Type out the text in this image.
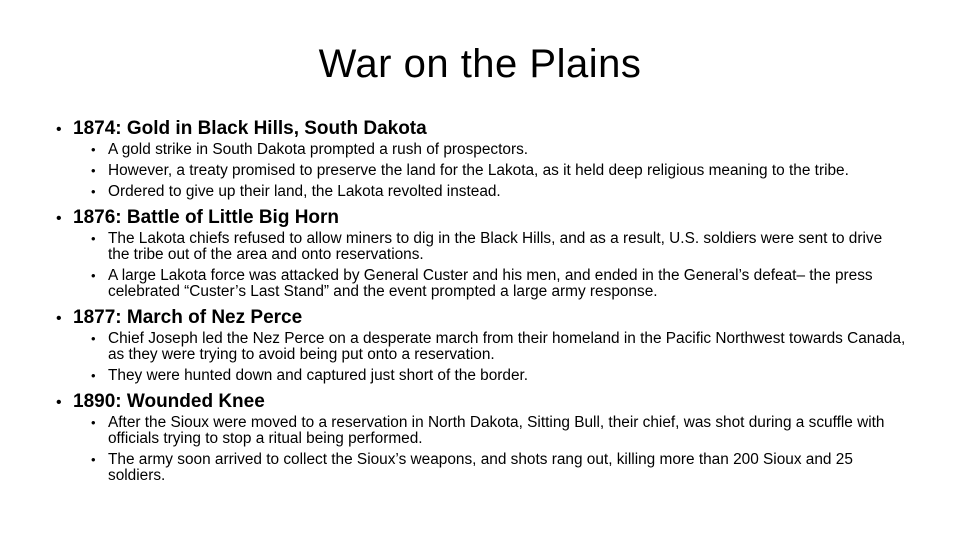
War on the Plains
• 1874: Gold in Black Hills, South Dakota
• A gold strike in South Dakota prompted a rush of prospectors.
• However, a treaty promised to preserve the land for the Lakota, as it held deep religious meaning to the tribe.
• Ordered to give up their land, the Lakota revolted instead.
• 1876: Battle of Little Big Horn
• The Lakota chiefs refused to allow miners to dig in the Black Hills, and as a result, U.S. soldiers were sent to drive the tribe out of the area and onto reservations.
• A large Lakota force was attacked by General Custer and his men, and ended in the General’s defeat– the press celebrated “Custer’s Last Stand” and the event prompted a large army response.
• 1877: March of Nez Perce
• Chief Joseph led the Nez Perce on a desperate march from their homeland in the Pacific Northwest towards Canada, as they were trying to avoid being put onto a reservation.
• They were hunted down and captured just short of the border.
• 1890: Wounded Knee
• After the Sioux were moved to a reservation in North Dakota, Sitting Bull, their chief, was shot during a scuffle with officials trying to stop a ritual being performed.
• The army soon arrived to collect the Sioux’s weapons, and shots rang out, killing more than 200 Sioux and 25 soldiers.
